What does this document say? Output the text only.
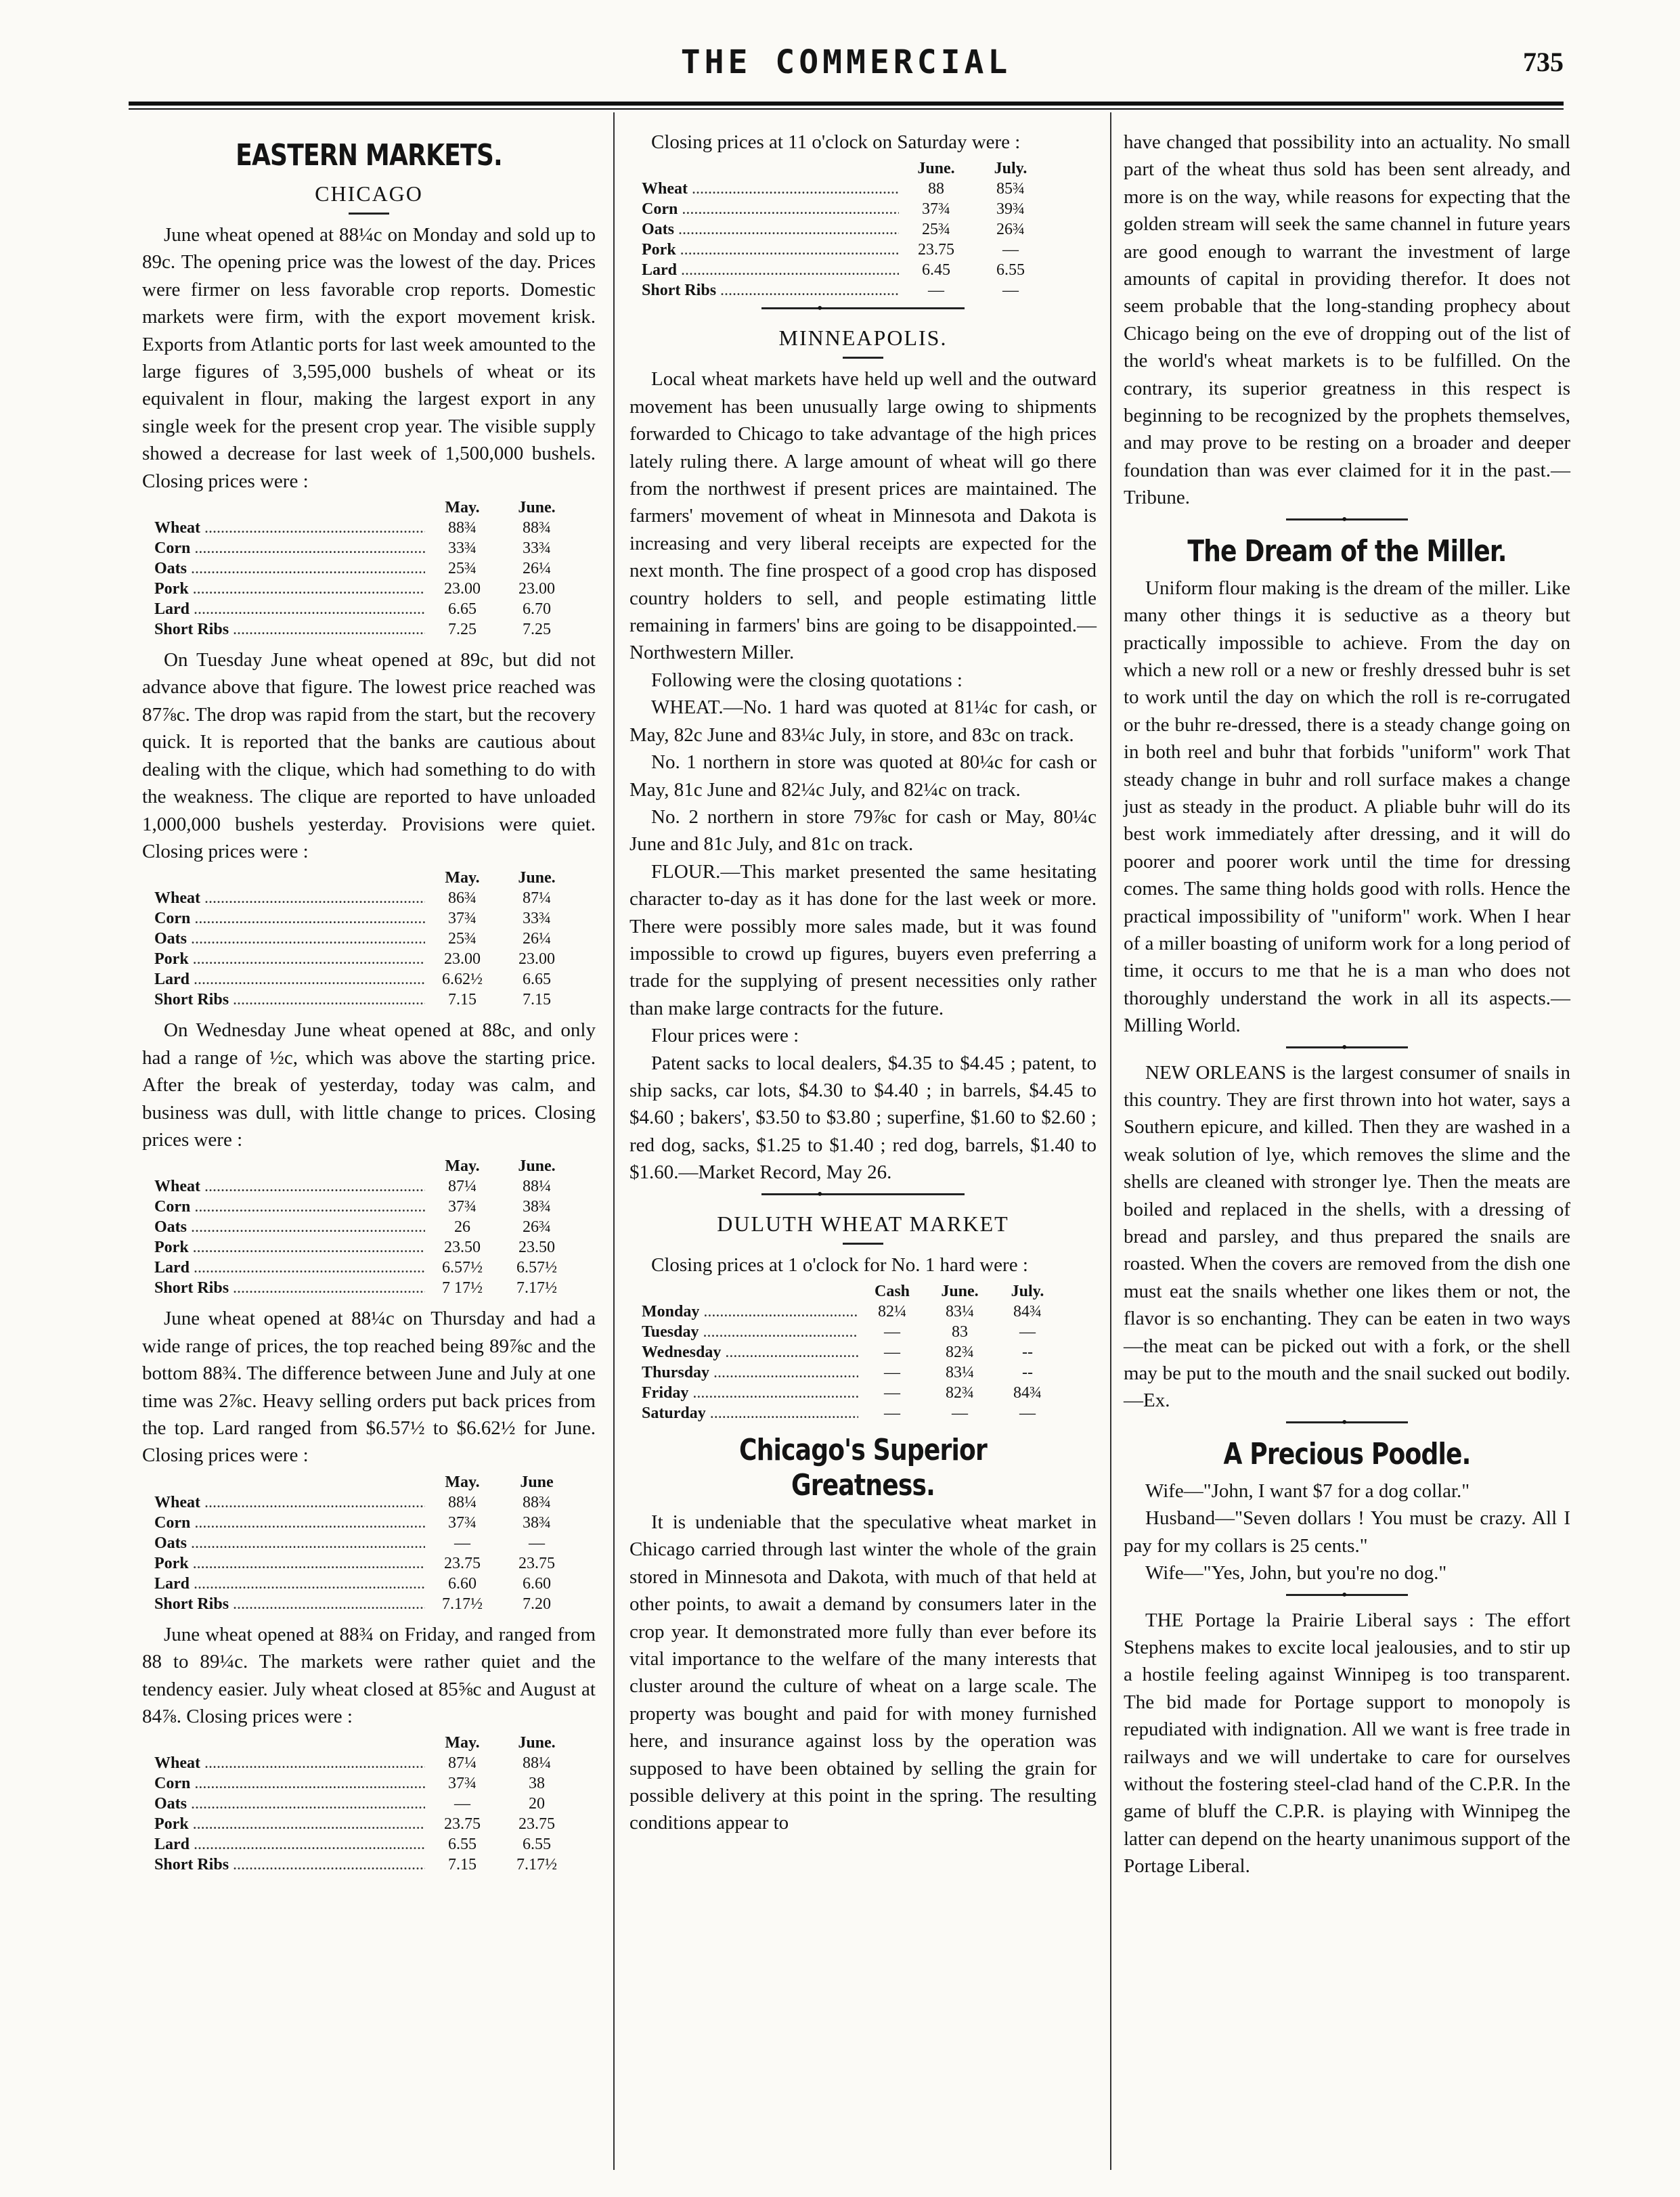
THE COMMERCIAL	735
EASTERN MARKETS.
CHICAGO

June wheat opened at 88¼c on Monday and sold up to 89c. The opening price was the lowest of the day. Prices were firmer on less favorable crop reports. Domestic markets were firm, with the export movement krisk. Exports from Atlantic ports for last week amounted to the large figures of 3,595,000 bushels of wheat or its equivalent in flour, making the largest export in any single week for the present crop year. The visible supply showed a decrease for last week of 1,500,000 bushels. Closing prices were :

May.	June.
Wheat .....	88¾	88¾
Corn .....	33¾	33¾
Oats .....	25¾	26¼
Pork .....	23.00	23.00
Lard .....	6.65	6.70
Short Ribs .....	7.25	7.25

On Tuesday June wheat opened at 89c, but did not advance above that figure. The lowest price reached was 87⅞c. The drop was rapid from the start, but the recovery quick. It is reported that the banks are cautious about dealing with the clique, which had something to do with the weakness. The clique are reported to have unloaded 1,000,000 bushels yesterday. Provisions were quiet. Closing prices were :

May.	June.
Wheat .....	86¾	87¼
Corn .....	37¾	33¾
Oats .....	25¾	26¼
Pork .....	23.00	23.00
Lard .....	6.62½	6.65
Short Ribs .....	7.15	7.15

On Wednesday June wheat opened at 88c, and only had a range of ½c, which was above the starting price. After the break of yesterday, today was calm, and business was dull, with little change to prices. Closing prices were :

May.	June.
Wheat .....	87¼	88¼
Corn .....	37¾	38¾
Oats .....	26	26¾
Pork .....	23.50	23.50
Lard .....	6.57½	6.57½
Short Ribs .....	7 17½	7.17½

June wheat opened at 88¼c on Thursday and had a wide range of prices, the top reached being 89⅞c and the bottom 88¾. The difference between June and July at one time was 2⅞c. Heavy selling orders put back prices from the top. Lard ranged from $6.57½ to $6.62½ for June. Closing prices were :

May.	June
Wheat .....	88¼	88¾
Corn .....	37¾	38¾
Oats .....	—	—
Pork .....	23.75	23.75
Lard .....	6.60	6.60
Short Ribs .....	7.17½	7.20

June wheat opened at 88¾ on Friday, and ranged from 88 to 89¼c. The markets were rather quiet and the tendency easier. July wheat closed at 85⅝c and August at 84⅞. Closing prices were :

May.	June.
Wheat .....	87¼	88¼
Corn .....	37¾	38
Oats .....	—	20
Pork .....	23.75	23.75
Lard .....	6.55	6.55
Short Ribs .....	7.15	7.17½

Closing prices at 11 o'clock on Saturday were :

June.	July.
Wheat .....	88	85¾
Corn .....	37¾	39¾
Oats .....	25¾	26¾
Pork .....	23.75	—
Lard .....	6.45	6.55
Short Ribs .....	—	—
•
MINNEAPOLIS.

Local wheat markets have held up well and the outward movement has been unusually large owing to shipments forwarded to Chicago to take advantage of the high prices lately ruling there. A large amount of wheat will go there from the northwest if present prices are maintained. The farmers' movement of wheat in Minnesota and Dakota is increasing and very liberal receipts are expected for the next month. The fine prospect of a good crop has disposed country holders to sell, and people estimating little remaining in farmers' bins are going to be disappointed.—Northwestern Miller.

Following were the closing quotations :

WHEAT.—No. 1 hard was quoted at 81¼c for cash, or May, 82c June and 83¼c July, in store, and 83c on track.

No. 1 northern in store was quoted at 80¼c for cash or May, 81c June and 82¼c July, and 82¼c on track.

No. 2 northern in store 79⅞c for cash or May, 80¼c June and 81c July, and 81c on track.

FLOUR.—This market presented the same hesitating character to-day as it has done for the last week or more. There were possibly more sales made, but it was found impossible to crowd up figures, buyers even preferring a trade for the supplying of present necessities only rather than make large contracts for the future.

Flour prices were :

Patent sacks to local dealers, $4.35 to $4.45 ; patent, to ship sacks, car lots, $4.30 to $4.40 ; in barrels, $4.45 to $4.60 ; bakers', $3.50 to $3.80 ; superfine, $1.60 to $2.60 ; red dog, sacks, $1.25 to $1.40 ; red dog, barrels, $1.40 to $1.60.—Market Record, May 26.

•
DULUTH WHEAT MARKET

Closing prices at 1 o'clock for No. 1 hard were :

Cash	June.	July.
Monday .....	82¼	83¼	84¾
Tuesday .....	—	83	—
Wednesday .....	—	82¾	--
Thursday .....	—	83¼	--
Friday .....	—	82¾	84¾
Saturday .....	—	—	—
Chicago's Superior Greatness.

It is undeniable that the speculative wheat market in Chicago carried through last winter the whole of the grain stored in Minnesota and Dakota, with much of that held at other points, to await a demand by consumers later in the crop year. It demonstrated more fully than ever before its vital importance to the welfare of the many interests that cluster around the culture of wheat on a large scale. The property was bought and paid for with money furnished here, and insurance against loss by the operation was supposed to have been obtained by selling the grain for possible delivery at this point in the spring. The resulting conditions appear to

have changed that possibility into an actuality. No small part of the wheat thus sold has been sent already, and more is on the way, while reasons for expecting that the golden stream will seek the same channel in future years are good enough to warrant the investment of large amounts of capital in providing therefor. It does not seem probable that the long-standing prophecy about Chicago being on the eve of dropping out of the list of the world's wheat markets is to be fulfilled. On the contrary, its superior greatness in this respect is beginning to be recognized by the prophets themselves, and may prove to be resting on a broader and deeper foundation than was ever claimed for it in the past.—Tribune.

•
The Dream of the Miller.

Uniform flour making is the dream of the miller. Like many other things it is seductive as a theory but practically impossible to achieve. From the day on which a new roll or a new or freshly dressed buhr is set to work until the day on which the roll is re-corrugated or the buhr re-dressed, there is a steady change going on in both reel and buhr that forbids "uniform" work That steady change in buhr and roll surface makes a change just as steady in the product. A pliable buhr will do its best work immediately after dressing, and it will do poorer and poorer work until the time for dressing comes. The same thing holds good with rolls. Hence the practical impossibility of "uniform" work. When I hear of a miller boasting of uniform work for a long period of time, it occurs to me that he is a man who does not thoroughly understand the work in all its aspects.—Milling World.

•

NEW ORLEANS is the largest consumer of snails in this country. They are first thrown into hot water, says a Southern epicure, and killed. Then they are washed in a weak solution of lye, which removes the slime and the shells are cleaned with stronger lye. Then the meats are boiled and replaced in the shells, with a dressing of bread and parsley, and thus prepared the snails are roasted. When the covers are removed from the dish one must eat the snails whether one likes them or not, the flavor is so enchanting. They can be eaten in two ways—the meat can be picked out with a fork, or the shell may be put to the mouth and the snail sucked out bodily.—Ex.

•
A Precious Poodle.

Wife—"John, I want $7 for a dog collar."

Husband—"Seven dollars ! You must be crazy. All I pay for my collars is 25 cents."

Wife—"Yes, John, but you're no dog."

•

THE Portage la Prairie Liberal says : The effort Stephens makes to excite local jealousies, and to stir up a hostile feeling against Winnipeg is too transparent. The bid made for Portage support to monopoly is repudiated with indignation. All we want is free trade in railways and we will undertake to care for ourselves without the fostering steel-clad hand of the C.P.R. In the game of bluff the C.P.R. is playing with Winnipeg the latter can depend on the hearty unanimous support of the Portage Liberal.
